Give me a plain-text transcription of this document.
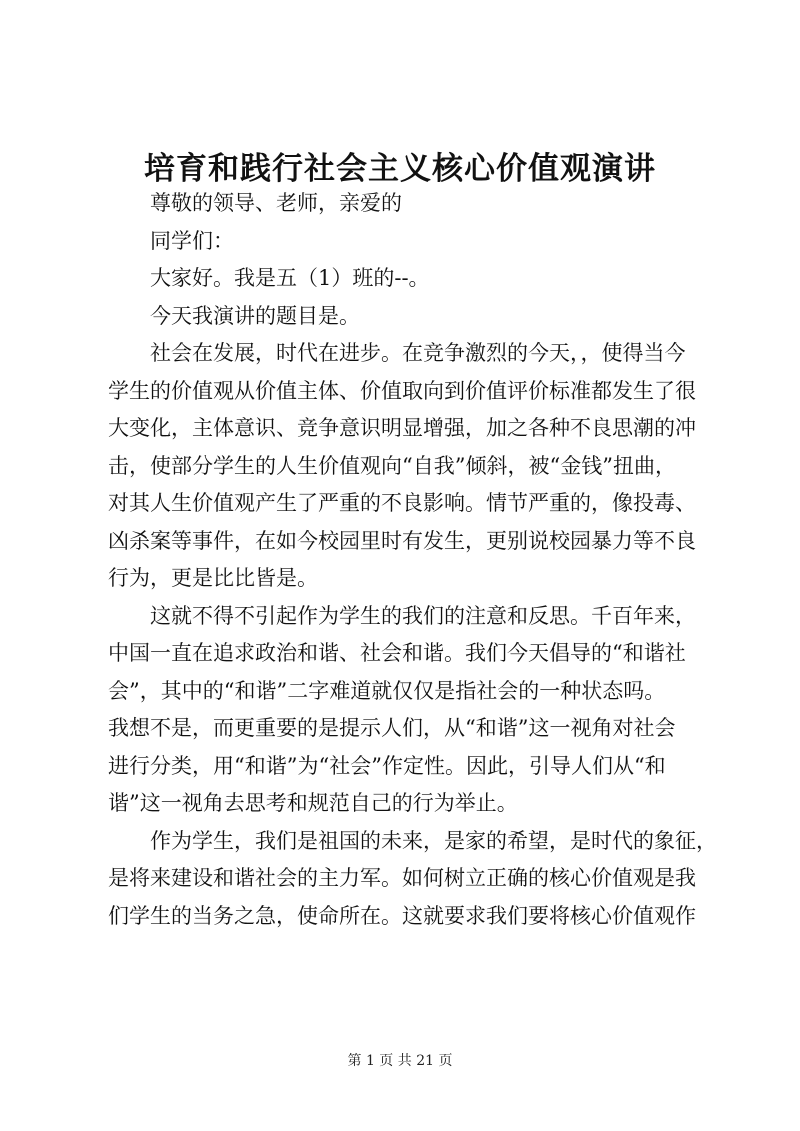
培育和践行社会主义核心价值观演讲
尊敬的领导、老师，亲爱的
同学们：
大家好。我是五（1）班的--。
今天我演讲的题目是。

社会在发展，时代在进步。在竞争激烈的今天，，使得当今
学生的价值观从价值主体、价值取向到价值评价标准都发生了很
大变化，主体意识、竞争意识明显增强，加之各种不良思潮的冲
击，使部分学生的人生价值观向“自我”倾斜，被“金钱”扭曲，
对其人生价值观产生了严重的不良影响。情节严重的，像投毒、
凶杀案等事件，在如今校园里时有发生，更别说校园暴力等不良
行为，更是比比皆是。

这就不得不引起作为学生的我们的注意和反思。千百年来，
中国一直在追求政治和谐、社会和谐。我们今天倡导的“和谐社
会”，其中的“和谐”二字难道就仅仅是指社会的一种状态吗。
我想不是，而更重要的是提示人们，从“和谐”这一视角对社会
进行分类，用“和谐”为“社会”作定性。因此，引导人们从“和
谐”这一视角去思考和规范自己的行为举止。

作为学生，我们是祖国的未来，是家的希望，是时代的象征，
是将来建设和谐社会的主力军。如何树立正确的核心价值观是我
们学生的当务之急，使命所在。这就要求我们要将核心价值观作

第 1 页 共 21 页
